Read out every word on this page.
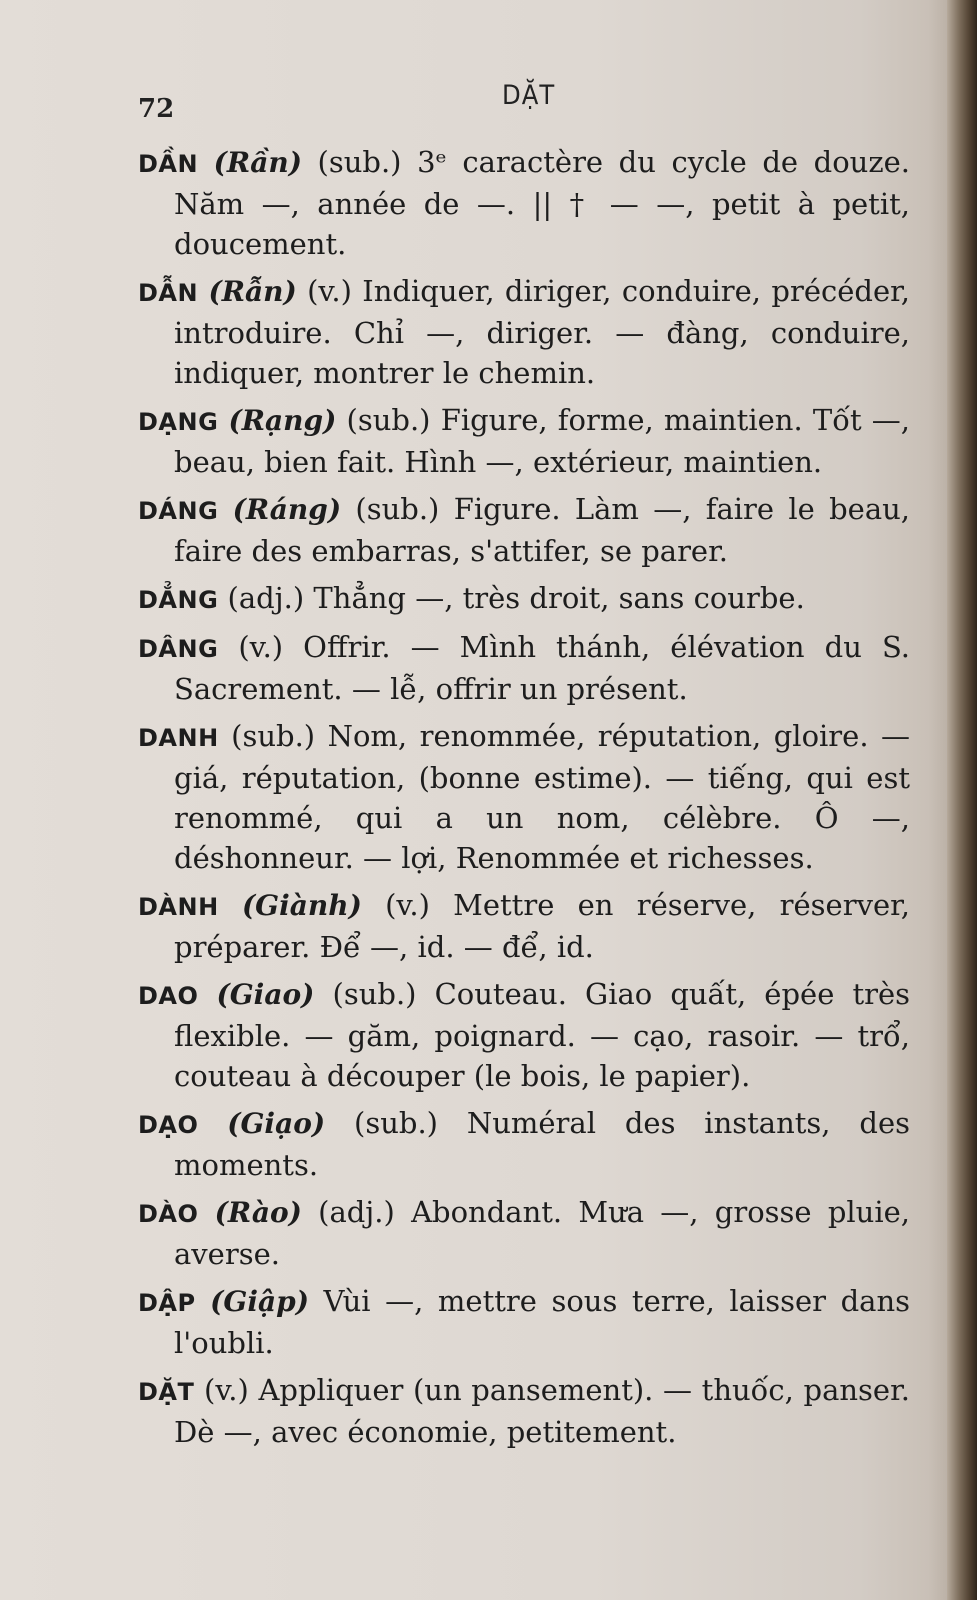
72	DẶT

DẦN (Rần) (sub.) 3ᵉ caractère du cycle de douze. Năm —, année de —. || † — —, petit à petit, doucement.

DẪN (Rẫn) (v.) Indiquer, diriger, conduire, précéder, introduire. Chỉ —, diriger. — đàng, conduire, indiquer, montrer le chemin.

DẠNG (Rạng) (sub.) Figure, forme, maintien. Tốt —, beau, bien fait. Hình —, extérieur, maintien.

DÁNG (Ráng) (sub.) Figure. Làm —, faire le beau, faire des embarras, s'attifer, se parer.

DẲNG (adj.) Thẳng —, très droit, sans courbe.

DÂNG (v.) Offrir. — Mình thánh, élévation du S. Sacrement. — lễ, offrir un présent.

DANH (sub.) Nom, renommée, réputation, gloire. — giá, réputation, (bonne estime). — tiếng, qui est renommé, qui a un nom, célèbre. Ô —, déshonneur. — lợi, Renommée et richesses.

DÀNH (Giành) (v.) Mettre en réserve, réserver, préparer. Để —, id. — để, id.

DAO (Giao) (sub.) Couteau. Giao quất, épée très flexible. — găm, poignard. — cạo, rasoir. — trổ, couteau à découper (le bois, le papier).

DẠO (Giạo) (sub.) Numéral des instants, des moments.

DÀO (Rào) (adj.) Abondant. Mưa —, grosse pluie, averse.

DẬP (Giập) Vùi —, mettre sous terre, laisser dans l'oubli.

DẶT (v.) Appliquer (un pansement). — thuốc, panser. Dè —, avec économie, petitement.
